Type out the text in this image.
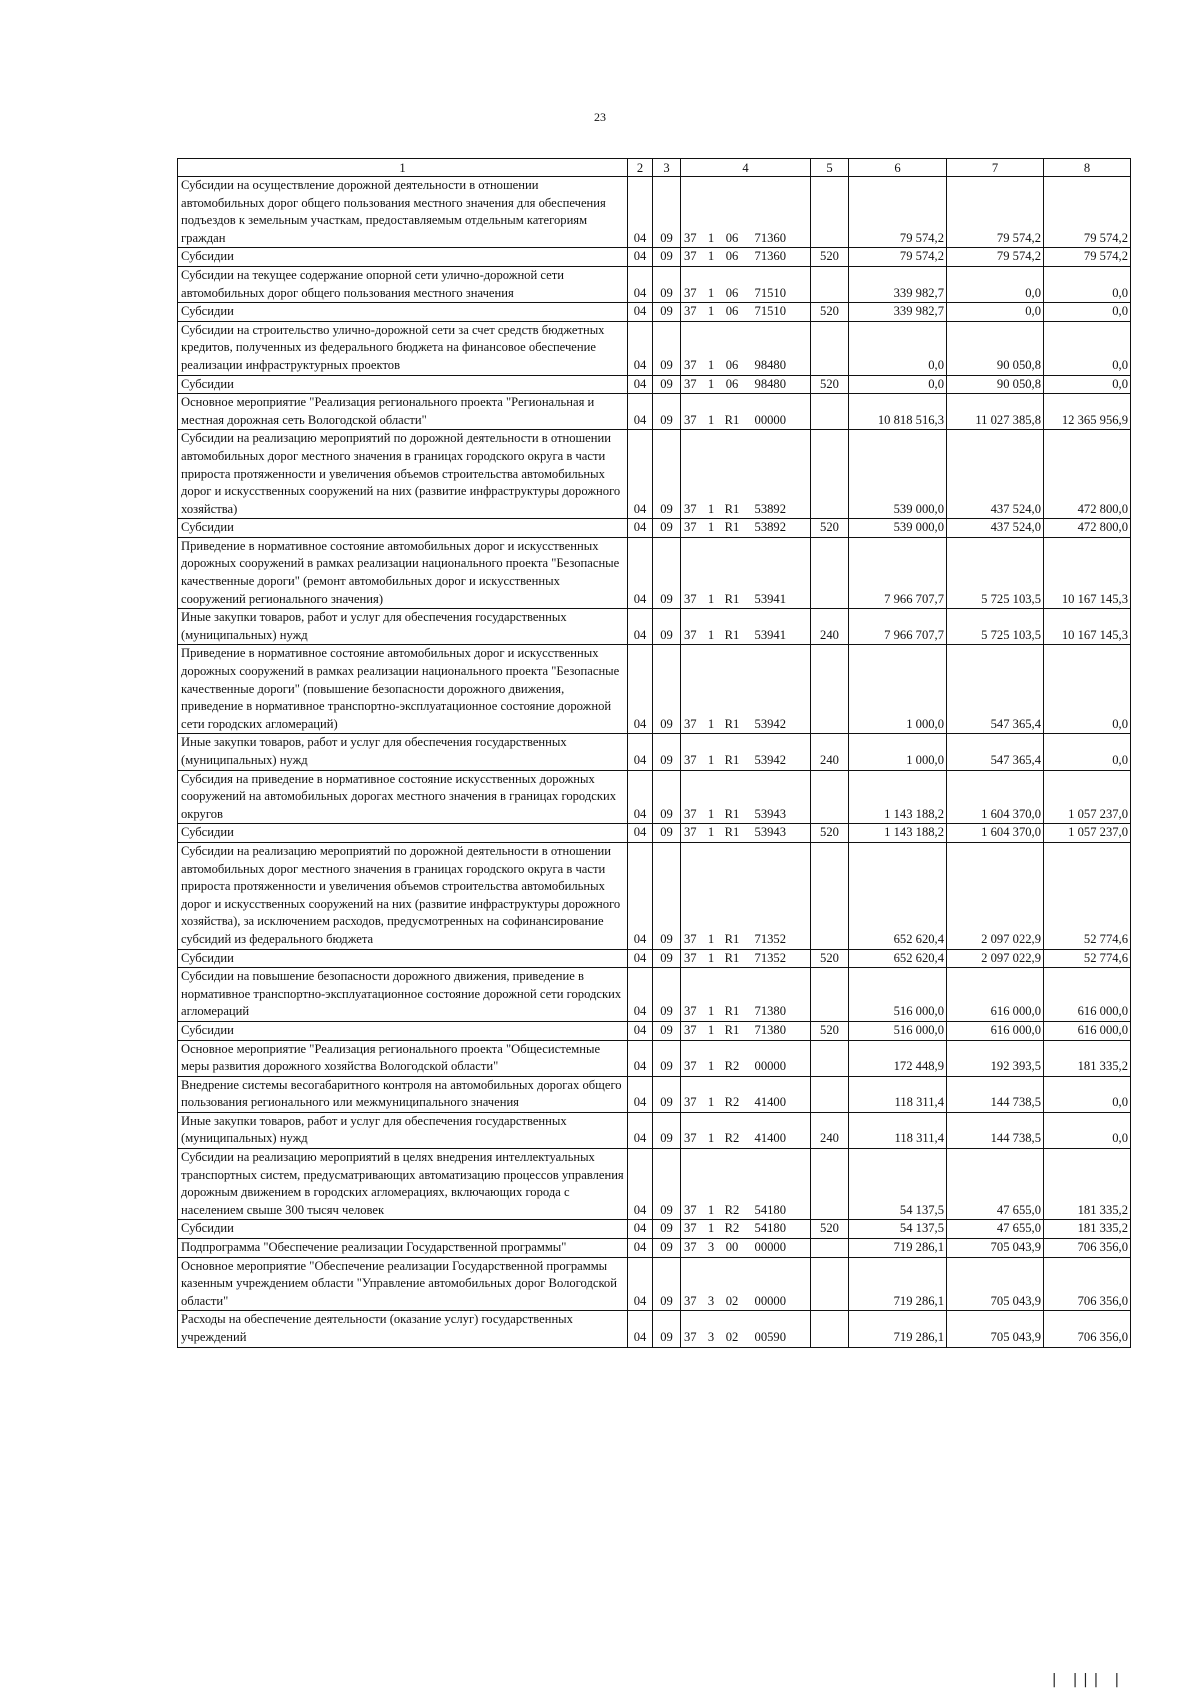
23
1	2	3	4	5	6	7	8
Субсидии на осуществление дорожной деятельности в отношении автомобильных дорог общего пользования местного значения для обеспечения подъездов к земельным участкам, предоставляемым отдельным категориям граждан	04	09	37 1 06 71360		79 574,2	79 574,2	79 574,2
Субсидии	04	09	37 1 06 71360	520	79 574,2	79 574,2	79 574,2
Субсидии на текущее содержание опорной сети улично-дорожной сети автомобильных дорог общего пользования местного значения	04	09	37 1 06 71510		339 982,7	0,0	0,0
Субсидии	04	09	37 1 06 71510	520	339 982,7	0,0	0,0
Субсидии на строительство улично-дорожной сети за счет средств бюджетных кредитов, полученных из федерального бюджета на финансовое обеспечение реализации инфраструктурных проектов	04	09	37 1 06 98480		0,0	90 050,8	0,0
Субсидии	04	09	37 1 06 98480	520	0,0	90 050,8	0,0
Основное мероприятие "Реализация регионального проекта "Региональная и местная дорожная сеть Вологодской области"	04	09	37 1 R1 00000		10 818 516,3	11 027 385,8	12 365 956,9
Субсидии на реализацию мероприятий по дорожной деятельности в отношении автомобильных дорог местного значения в границах городского округа в части прироста протяженности и увеличения объемов строительства автомобильных дорог и искусственных сооружений на них (развитие инфраструктуры дорожного хозяйства)	04	09	37 1 R1 53892		539 000,0	437 524,0	472 800,0
Субсидии	04	09	37 1 R1 53892	520	539 000,0	437 524,0	472 800,0
Приведение в нормативное состояние автомобильных дорог и искусственных дорожных сооружений в рамках реализации национального проекта "Безопасные качественные дороги" (ремонт автомобильных дорог и искусственных сооружений регионального значения)	04	09	37 1 R1 53941		7 966 707,7	5 725 103,5	10 167 145,3
Иные закупки товаров, работ и услуг для обеспечения государственных (муниципальных) нужд	04	09	37 1 R1 53941	240	7 966 707,7	5 725 103,5	10 167 145,3
Приведение в нормативное состояние автомобильных дорог и искусственных дорожных сооружений в рамках реализации национального проекта "Безопасные качественные дороги" (повышение безопасности дорожного движения, приведение в нормативное транспортно-эксплуатационное состояние дорожной сети городских агломераций)	04	09	37 1 R1 53942		1 000,0	547 365,4	0,0
Иные закупки товаров, работ и услуг для обеспечения государственных (муниципальных) нужд	04	09	37 1 R1 53942	240	1 000,0	547 365,4	0,0
Субсидия на приведение в нормативное состояние искусственных дорожных сооружений на автомобильных дорогах местного значения в границах городских округов	04	09	37 1 R1 53943		1 143 188,2	1 604 370,0	1 057 237,0
Субсидии	04	09	37 1 R1 53943	520	1 143 188,2	1 604 370,0	1 057 237,0
Субсидии на реализацию мероприятий по дорожной деятельности в отношении автомобильных дорог местного значения в границах городского округа в части прироста протяженности и увеличения объемов строительства автомобильных дорог и искусственных сооружений на них (развитие инфраструктуры дорожного хозяйства), за исключением расходов, предусмотренных на софинансирование субсидий из федерального бюджета	04	09	37 1 R1 71352		652 620,4	2 097 022,9	52 774,6
Субсидии	04	09	37 1 R1 71352	520	652 620,4	2 097 022,9	52 774,6
Субсидии на повышение безопасности дорожного движения, приведение в нормативное транспортно-эксплуатационное состояние дорожной сети городских агломераций	04	09	37 1 R1 71380		516 000,0	616 000,0	616 000,0
Субсидии	04	09	37 1 R1 71380	520	516 000,0	616 000,0	616 000,0
Основное мероприятие "Реализация регионального проекта "Общесистемные меры развития дорожного хозяйства Вологодской области"	04	09	37 1 R2 00000		172 448,9	192 393,5	181 335,2
Внедрение системы весогабаритного контроля на автомобильных дорогах общего пользования регионального или межмуниципального значения	04	09	37 1 R2 41400		118 311,4	144 738,5	0,0
Иные закупки товаров, работ и услуг для обеспечения государственных (муниципальных) нужд	04	09	37 1 R2 41400	240	118 311,4	144 738,5	0,0
Субсидии на реализацию мероприятий в целях внедрения интеллектуальных транспортных систем, предусматривающих автоматизацию процессов управления дорожным движением в городских агломерациях, включающих города с населением свыше 300 тысяч человек	04	09	37 1 R2 54180		54 137,5	47 655,0	181 335,2
Субсидии	04	09	37 1 R2 54180	520	54 137,5	47 655,0	181 335,2
Подпрограмма "Обеспечение реализации Государственной программы"	04	09	37 3 00 00000		719 286,1	705 043,9	706 356,0
Основное мероприятие "Обеспечение реализации Государственной программы казенным учреждением области "Управление автомобильных дорог Вологодской области"	04	09	37 3 02 00000		719 286,1	705 043,9	706 356,0
Расходы на обеспечение деятельности (оказание услуг) государственных учреждений	04	09	37 3 02 00590		719 286,1	705 043,9	706 356,0
| ||| |
